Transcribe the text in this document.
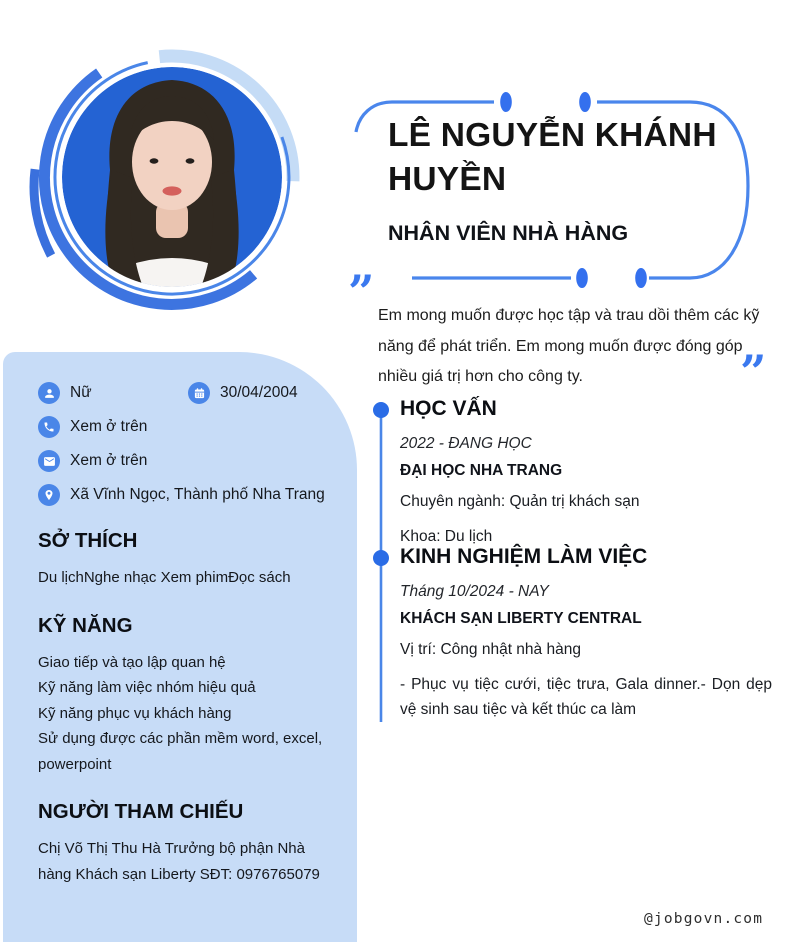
LÊ NGUYỄN KHÁNH HUYỀN
NHÂN VIÊN NHÀ HÀNG
” Em mong muốn được học tập và trau dồi thêm các kỹ năng để phát triển. Em mong muốn được đóng góp nhiều giá trị hơn cho công ty.	”
Nữ	30/04/2004
Xem ở trên
Xem ở trên
Xã Vĩnh Ngọc, Thành phố Nha Trang
SỞ THÍCH

Du lịchNghe nhạc Xem phimĐọc sách

KỸ NĂNG

Giao tiếp và tạo lập quan hệ

Kỹ năng làm việc nhóm hiệu quả

Kỹ năng phục vụ khách hàng

Sử dụng được các phần mềm word, excel, powerpoint

NGƯỜI THAM CHIẾU

Chị Võ Thị Thu Hà Trưởng bộ phận Nhà hàng Khách sạn Liberty SĐT: 0976765079

HỌC VẤN

2022 - ĐANG HỌC

ĐẠI HỌC NHA TRANG

Chuyên ngành: Quản trị khách sạn

Khoa: Du lịch

KINH NGHIỆM LÀM VIỆC

Tháng 10/2024 - NAY

KHÁCH SẠN LIBERTY CENTRAL

Vị trí: Công nhật nhà hàng

- Phục vụ tiệc cưới, tiệc trưa, Gala dinner.- Dọn dẹp vệ sinh sau tiệc và kết thúc ca làm

@jobgovn.com
